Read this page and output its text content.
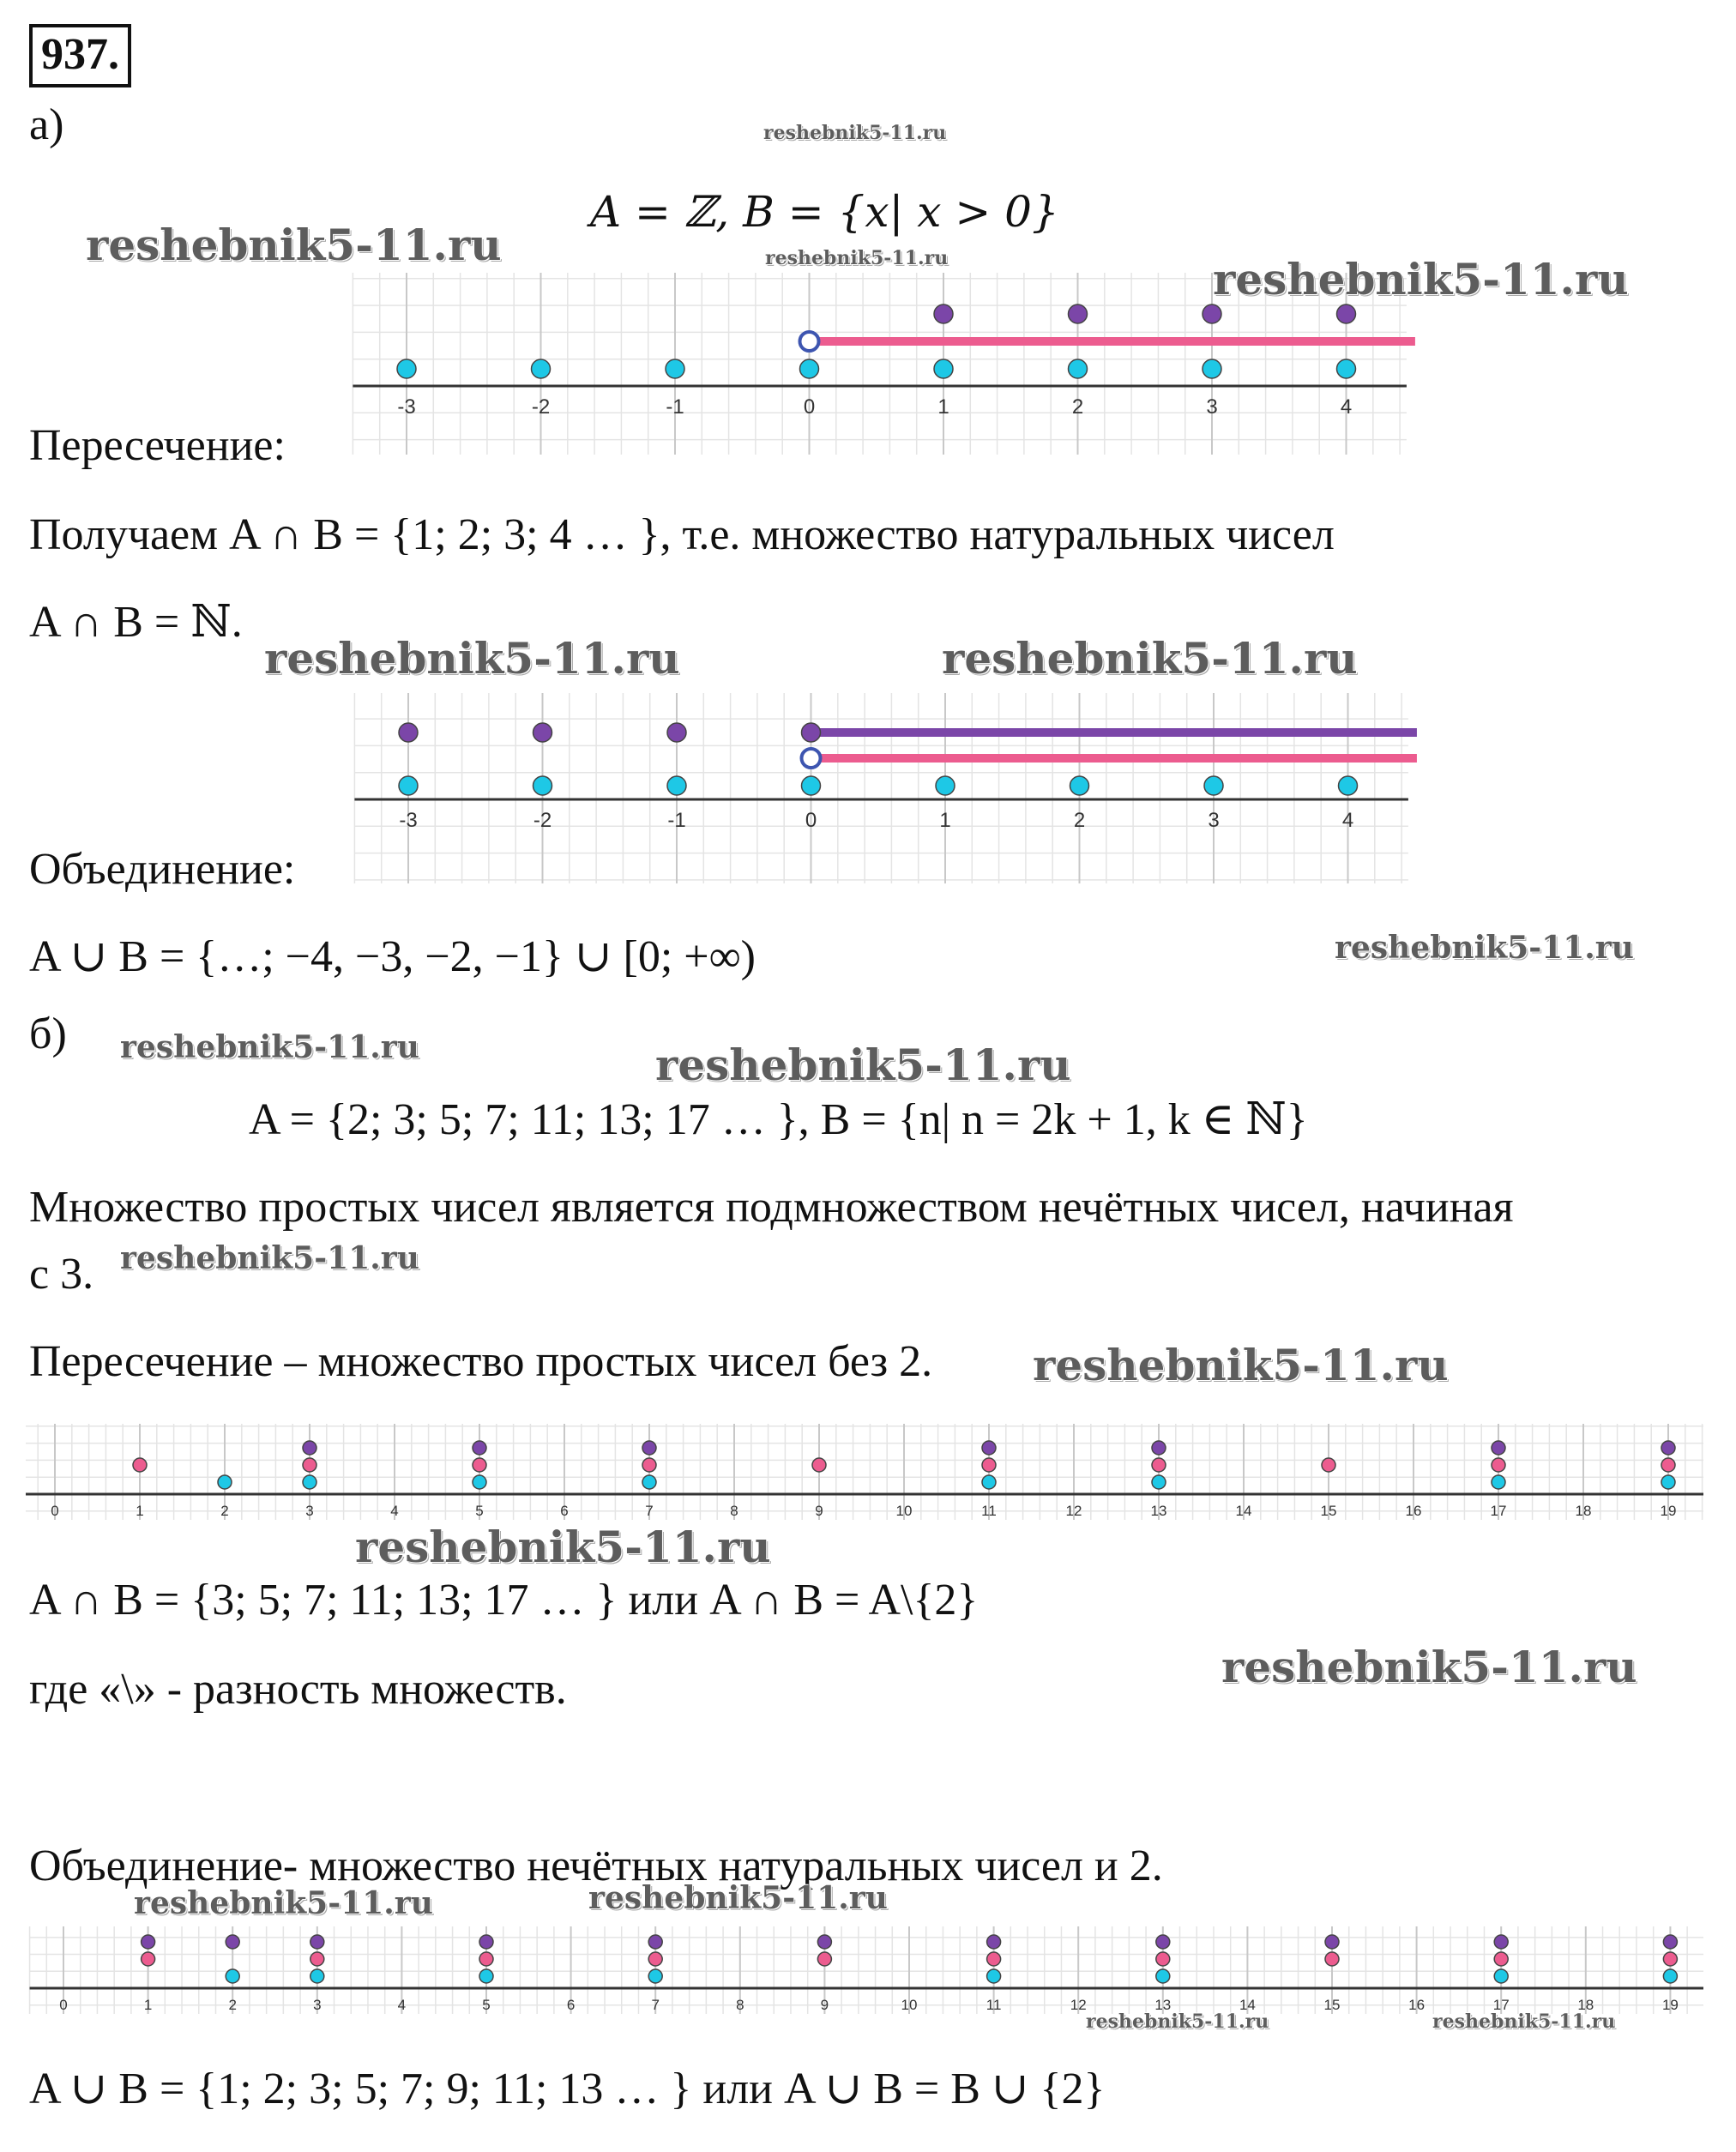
937.
а)
A = ℤ, B = {x| x > 0}
-3	-2	-1	0	1	2	3	4
Пересечение:
Получаем A ∩ B = {1; 2; 3; 4 … }, т.е. множество натуральных чисел
A ∩ B = ℕ.
-3	-2	-1	0	1	2	3	4
Объединение:
A ∪ B = {…; −4, −3, −2, −1} ∪ [0; +∞)
б)
A = {2; 3; 5; 7; 11; 13; 17 … }, B = {n| n = 2k + 1, k ∈ ℕ}
Множество простых чисел является подмножеством нечётных чисел, начиная
с 3.
Пересечение – множество простых чисел без 2.
0	1	2	3	4	5	6	7	8	9	10	11	12	13	14	15	16	17	18	19
A ∩ B = {3; 5; 7; 11; 13; 17 … } или A ∩ B = A\{2}
где «\» - разность множеств.
Объединение- множество нечётных натуральных чисел и 2.
0	1	2	3	4	5	6	7	8	9	10	11	12	13	14	15	16	17	18	19
A ∪ B = {1; 2; 3; 5; 7; 9; 11; 13 … } или A ∪ B = B ∪ {2}
reshebnik5-11.ru
reshebnik5-11.ru	reshebnik5-11.ru	reshebnik5-11.ru
reshebnik5-11.ru	reshebnik5-11.ru
reshebnik5-11.ru
reshebnik5-11.ru	reshebnik5-11.ru
reshebnik5-11.ru
reshebnik5-11.ru
reshebnik5-11.ru
reshebnik5-11.ru
reshebnik5-11.ru	reshebnik5-11.ru
reshebnik5-11.ru	reshebnik5-11.ru
